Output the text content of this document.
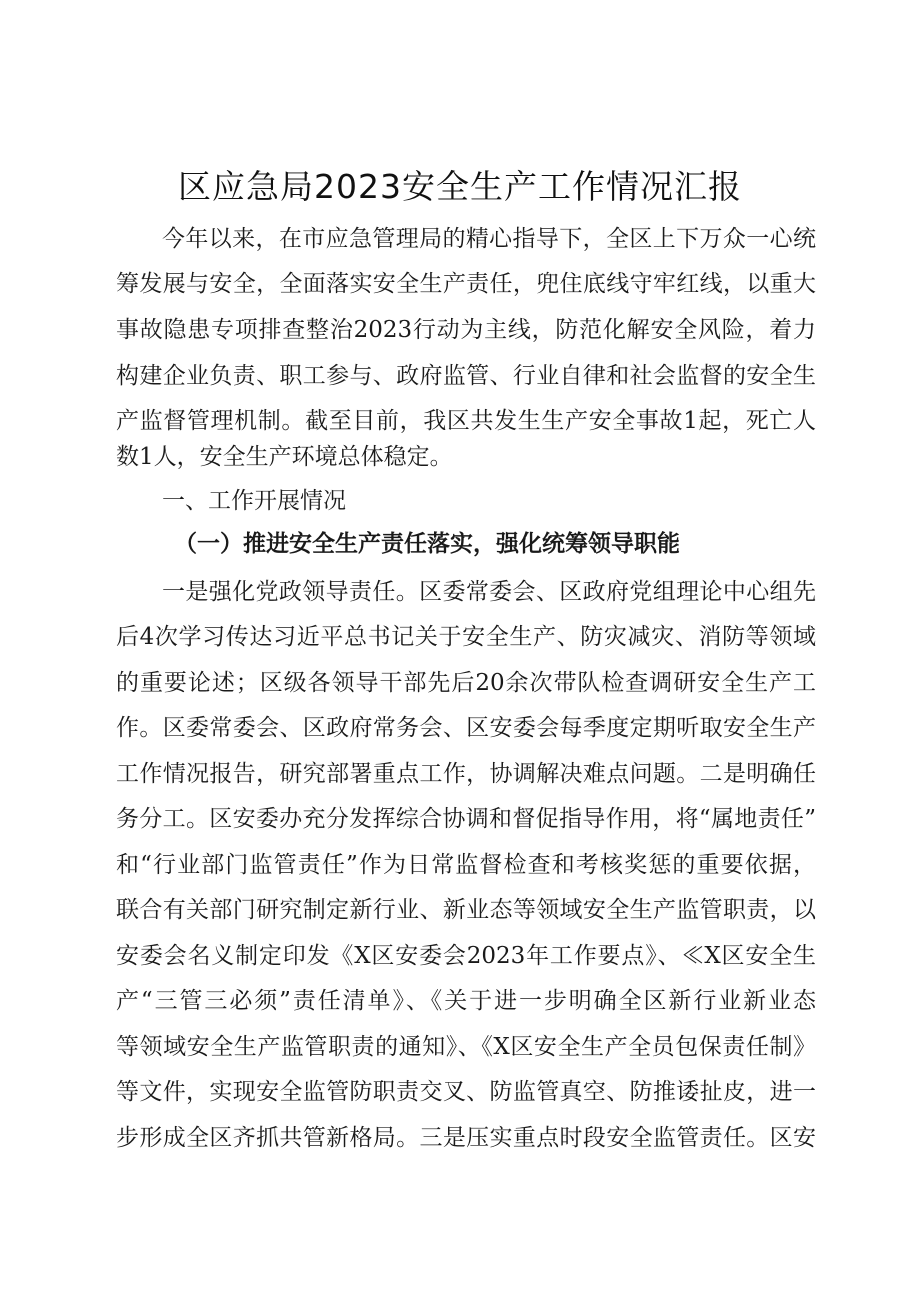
区应急局2023安全生产工作情况汇报

今年以来，在市应急管理局的精心指导下，全区上下万众一心统

筹发展与安全，全面落实安全生产责任，兜住底线守牢红线，以重大

事故隐患专项排查整治2023行动为主线，防范化解安全风险，着力

构建企业负责、职工参与、政府监管、行业自律和社会监督的安全生

产监督管理机制。截至目前，我区共发生生产安全事故1起，死亡人

数1人，安全生产环境总体稳定。

一、工作开展情况
（一）推进安全生产责任落实，强化统筹领导职能

一是强化党政领导责任。区委常委会、区政府党组理论中心组先

后4次学习传达习近平总书记关于安全生产、防灾减灾、消防等领域

的重要论述；区级各领导干部先后20余次带队检查调研安全生产工

作。区委常委会、区政府常务会、区安委会每季度定期听取安全生产

工作情况报告，研究部署重点工作，协调解决难点问题。二是明确任

务分工。区安委办充分发挥综合协调和督促指导作用，将“属地责任”

和“行业部门监管责任”作为日常监督检查和考核奖惩的重要依据，

联合有关部门研究制定新行业、新业态等领域安全生产监管职责，以

安委会名义制定印发《X区安委会2023年工作要点》、≪X区安全生

产“三管三必须”责任清单》、《关于进一步明确全区新行业新业态

等领域安全生产监管职责的通知》、《X区安全生产全员包保责任制》

等文件，实现安全监管防职责交叉、防监管真空、防推诿扯皮，进一

步形成全区齐抓共管新格局。三是压实重点时段安全监管责任。区安
